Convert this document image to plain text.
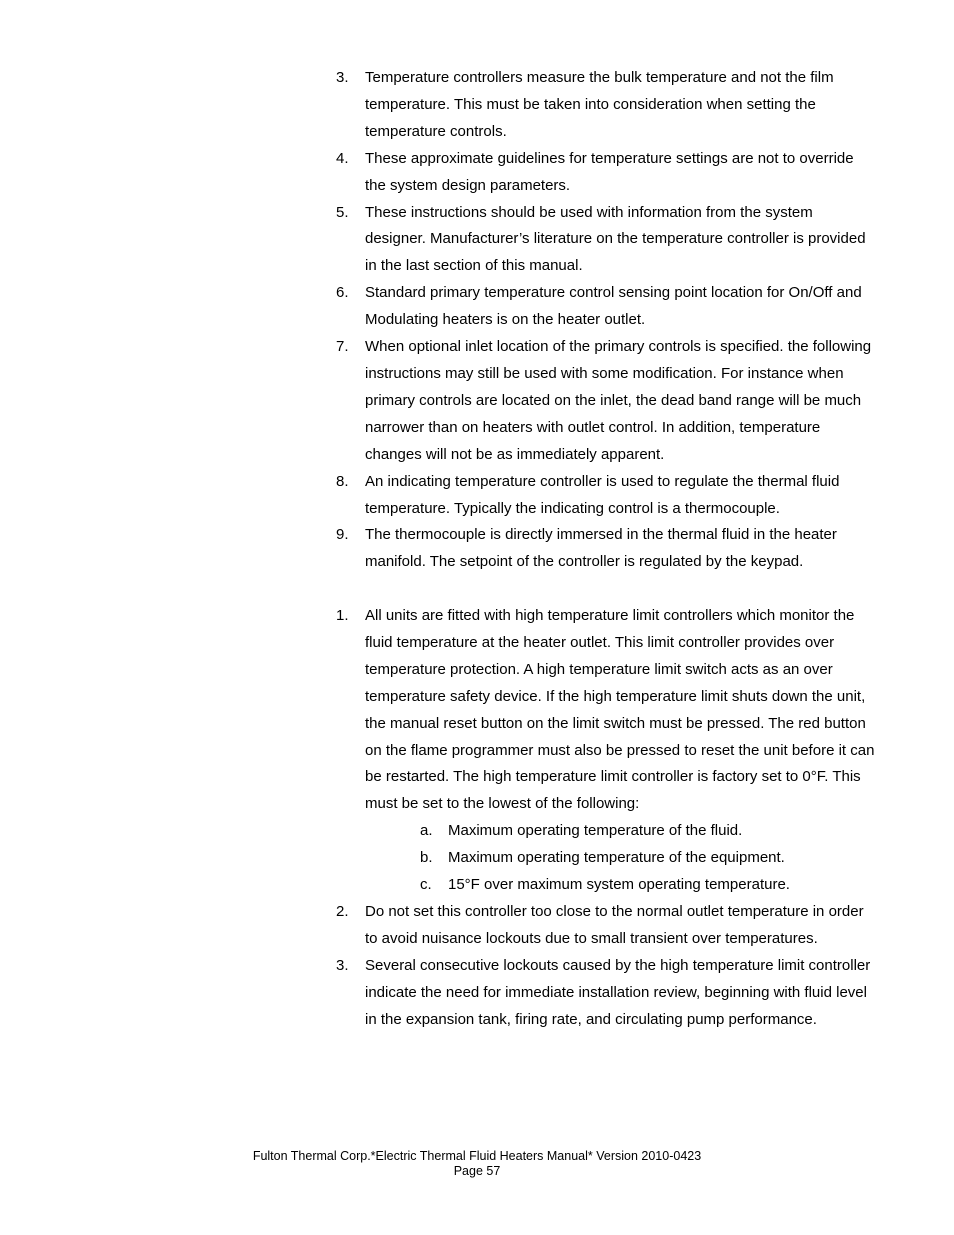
3. Temperature controllers measure the bulk temperature and not the film temperature. This must be taken into consideration when setting the temperature controls.
4. These approximate guidelines for temperature settings are not to override the system design parameters.
5. These instructions should be used with information from the system designer. Manufacturer’s literature on the temperature controller is provided in the last section of this manual.
6. Standard primary temperature control sensing point location for On/Off and Modulating heaters is on the heater outlet.
7. When optional inlet location of the primary controls is specified. the following instructions may still be used with some modification. For instance when primary controls are located on the inlet, the dead band range will be much narrower than on heaters with outlet control. In addition, temperature changes will not be as immediately apparent.
8. An indicating temperature controller is used to regulate the thermal fluid temperature. Typically the indicating control is a thermocouple.
9. The thermocouple is directly immersed in the thermal fluid in the heater manifold. The setpoint of the controller is regulated by the keypad.
1. All units are fitted with high temperature limit controllers which monitor the fluid temperature at the heater outlet. This limit controller provides over temperature protection. A high temperature limit switch acts as an over temperature safety device. If the high temperature limit shuts down the unit, the manual reset button on the limit switch must be pressed. The red button on the flame programmer must also be pressed to reset the unit before it can be restarted. The high temperature limit controller is factory set to 0°F. This must be set to the lowest of the following:
a. Maximum operating temperature of the fluid.
b. Maximum operating temperature of the equipment.
c. 15°F over maximum system operating temperature.
2. Do not set this controller too close to the normal outlet temperature in order to avoid nuisance lockouts due to small transient over temperatures.
3. Several consecutive lockouts caused by the high temperature limit controller indicate the need for immediate installation review, beginning with fluid level in the expansion tank, firing rate, and circulating pump performance.
Fulton Thermal Corp.*Electric Thermal Fluid Heaters Manual* Version 2010-0423
Page 57
